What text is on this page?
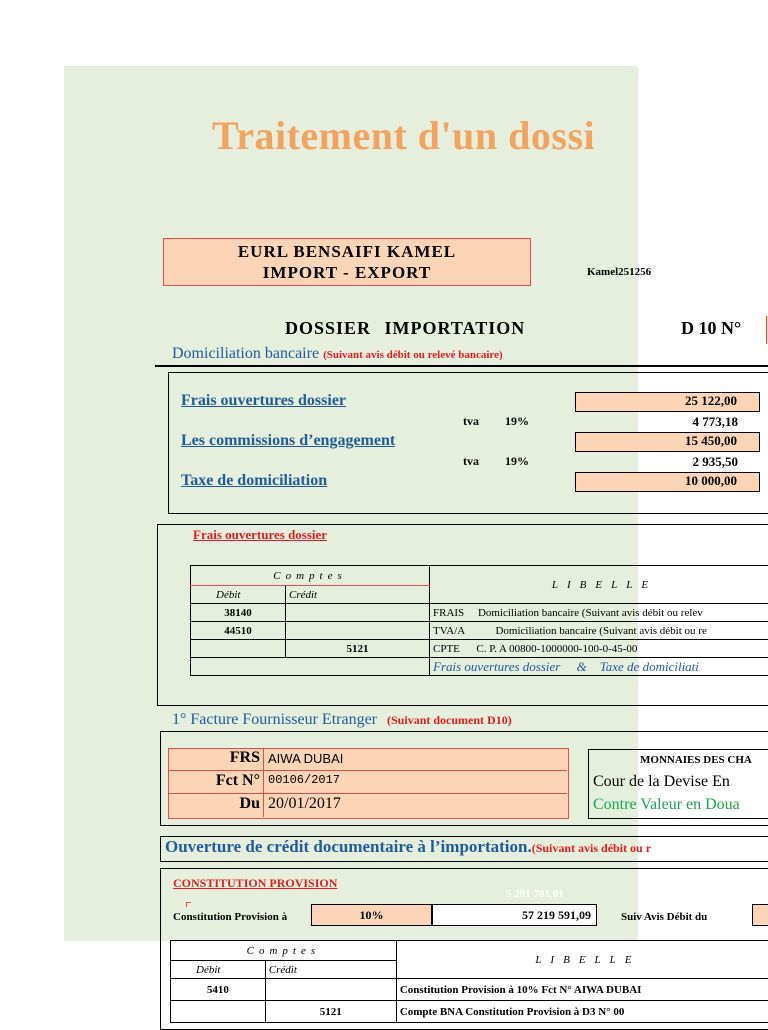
Traitement d'un dossi
EURL BENSAIFI KAMEL
IMPORT - EXPORT	Kamel251256
DOSSIER IMPORTATION	D 10 N°
Domiciliation bancaire (Suivant avis débit ou relevé bancaire)
Frais ouvertures dossier	25 122,00
tva 19%	4 773,18
Les commissions d’engagement	15 450,00
tva 19%	2 935,50
Taxe de domiciliation	10 000,00
Frais ouvertures dossier
Comptes		LIBELLE
Débit	Crédit	
38140		FRAIS Domiciliation bancaire (Suivant avis débit ou relev
44510		TVA/A Domiciliation bancaire (Suivant avis débit ou re
	5121	CPTE C. P. A 00800-1000000-100-0-45-00
		Frais ouvertures dossier & Taxe de domiciliati
1° Facture Fournisseur Etranger (Suivant document D10)
FRS AIWA DUBAI
Fct N° 00106/2017
Du 20/01/2017
MONNAIES DES CHA
Cour de la Devise En
Contre Valeur en Doua
Ouverture de crédit documentaire à l’importation.(Suivant avis débit ou r
CONSTITUTION PROVISION
5 201 781,01
Constitution Provision à	10%	57 219 591,09	Suiv Avis Débit du
Comptes		LIBELLE
Débit	Crédit	
5410		Constitution Provision à 10% Fct N° AIWA DUBAI
	5121	Compte BNA Constitution Provision à D3 N° 00
